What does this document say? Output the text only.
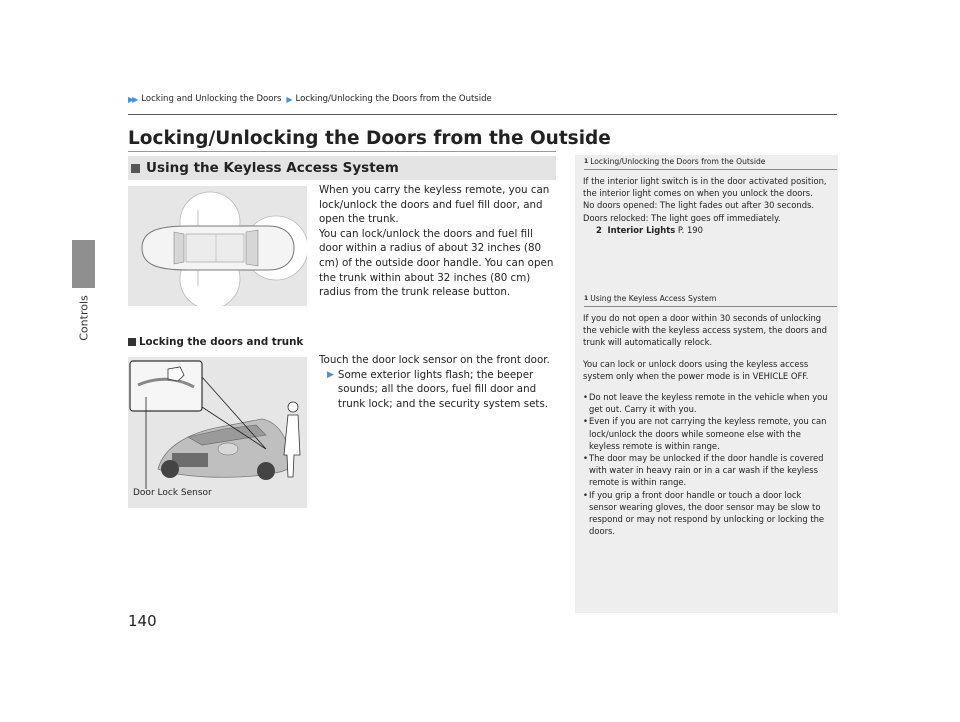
Controls
140
▶▶ Locking and Unlocking the Doors ▶ Locking/Unlocking the Doors from the Outside
Locking/Unlocking the Doors from the Outside
Using the Keyless Access System

When you carry the keyless remote, you can lock/unlock the doors and fuel fill door, and open the trunk.

You can lock/unlock the doors and fuel fill door within a radius of about 32 inches (80 cm) of the outside door handle. You can open the trunk within about 32 inches (80 cm) radius from the trunk release button.

Locking the doors and trunk
Door Lock Sensor

Touch the door lock sensor on the front door.

▶ Some exterior lights flash; the beeper sounds; all the doors, fuel fill door and trunk lock; and the security system sets.
1 Locking/Unlocking the Doors from the Outside

If the interior light switch is in the door activated position, the interior light comes on when you unlock the doors.

No doors opened: The light fades out after 30 seconds.

Doors relocked: The light goes off immediately.

2 Interior Lights P. 190

1 Using the Keyless Access System

If you do not open a door within 30 seconds of unlocking the vehicle with the keyless access system, the doors and trunk will automatically relock.

You can lock or unlock doors using the keyless access system only when the power mode is in VEHICLE OFF.

• Do not leave the keyless remote in the vehicle when you get out. Carry it with you.
• Even if you are not carrying the keyless remote, you can lock/unlock the doors while someone else with the keyless remote is within range.
• The door may be unlocked if the door handle is covered with water in heavy rain or in a car wash if the keyless remote is within range.
• If you grip a front door handle or touch a door lock sensor wearing gloves, the door sensor may be slow to respond or may not respond by unlocking or locking the doors.
